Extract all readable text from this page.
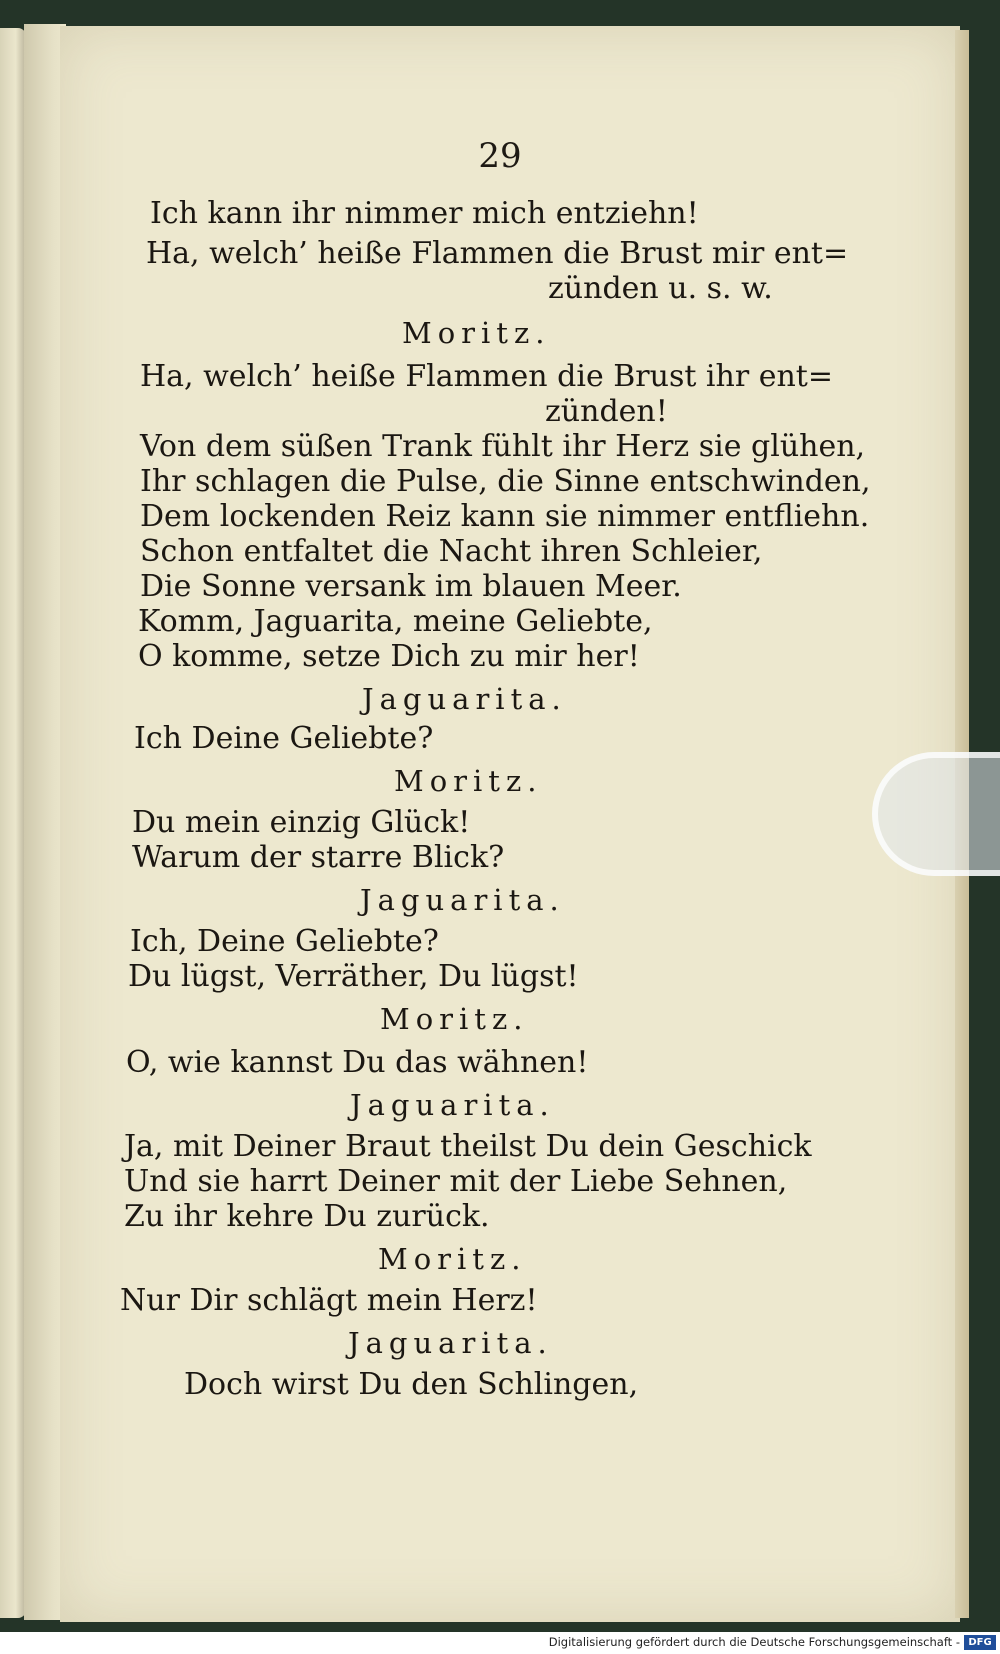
29
Ich kann ihr nimmer mich entziehn!
Ha, welch’ heiße Flammen die Brust mir ent=
zünden u. s. w.
Moritz.
Ha, welch’ heiße Flammen die Brust ihr ent=
zünden!
Von dem süßen Trank fühlt ihr Herz sie glühen,
Ihr schlagen die Pulse, die Sinne entschwinden,
Dem lockenden Reiz kann sie nimmer entfliehn.
Schon entfaltet die Nacht ihren Schleier,
Die Sonne versank im blauen Meer.
Komm, Jaguarita, meine Geliebte,
O komme, setze Dich zu mir her!
Jaguarita.
Ich Deine Geliebte?
Moritz.
Du mein einzig Glück!
Warum der starre Blick?
Jaguarita.
Ich, Deine Geliebte?
Du lügst, Verräther, Du lügst!
Moritz.
O, wie kannst Du das wähnen!
Jaguarita.
Ja, mit Deiner Braut theilst Du dein Geschick
Und sie harrt Deiner mit der Liebe Sehnen,
Zu ihr kehre Du zurück.
Moritz.
Nur Dir schlägt mein Herz!
Jaguarita.
Doch wirst Du den Schlingen,
Digitalisierung gefördert durch die Deutsche Forschungsgemeinschaft - DFG
